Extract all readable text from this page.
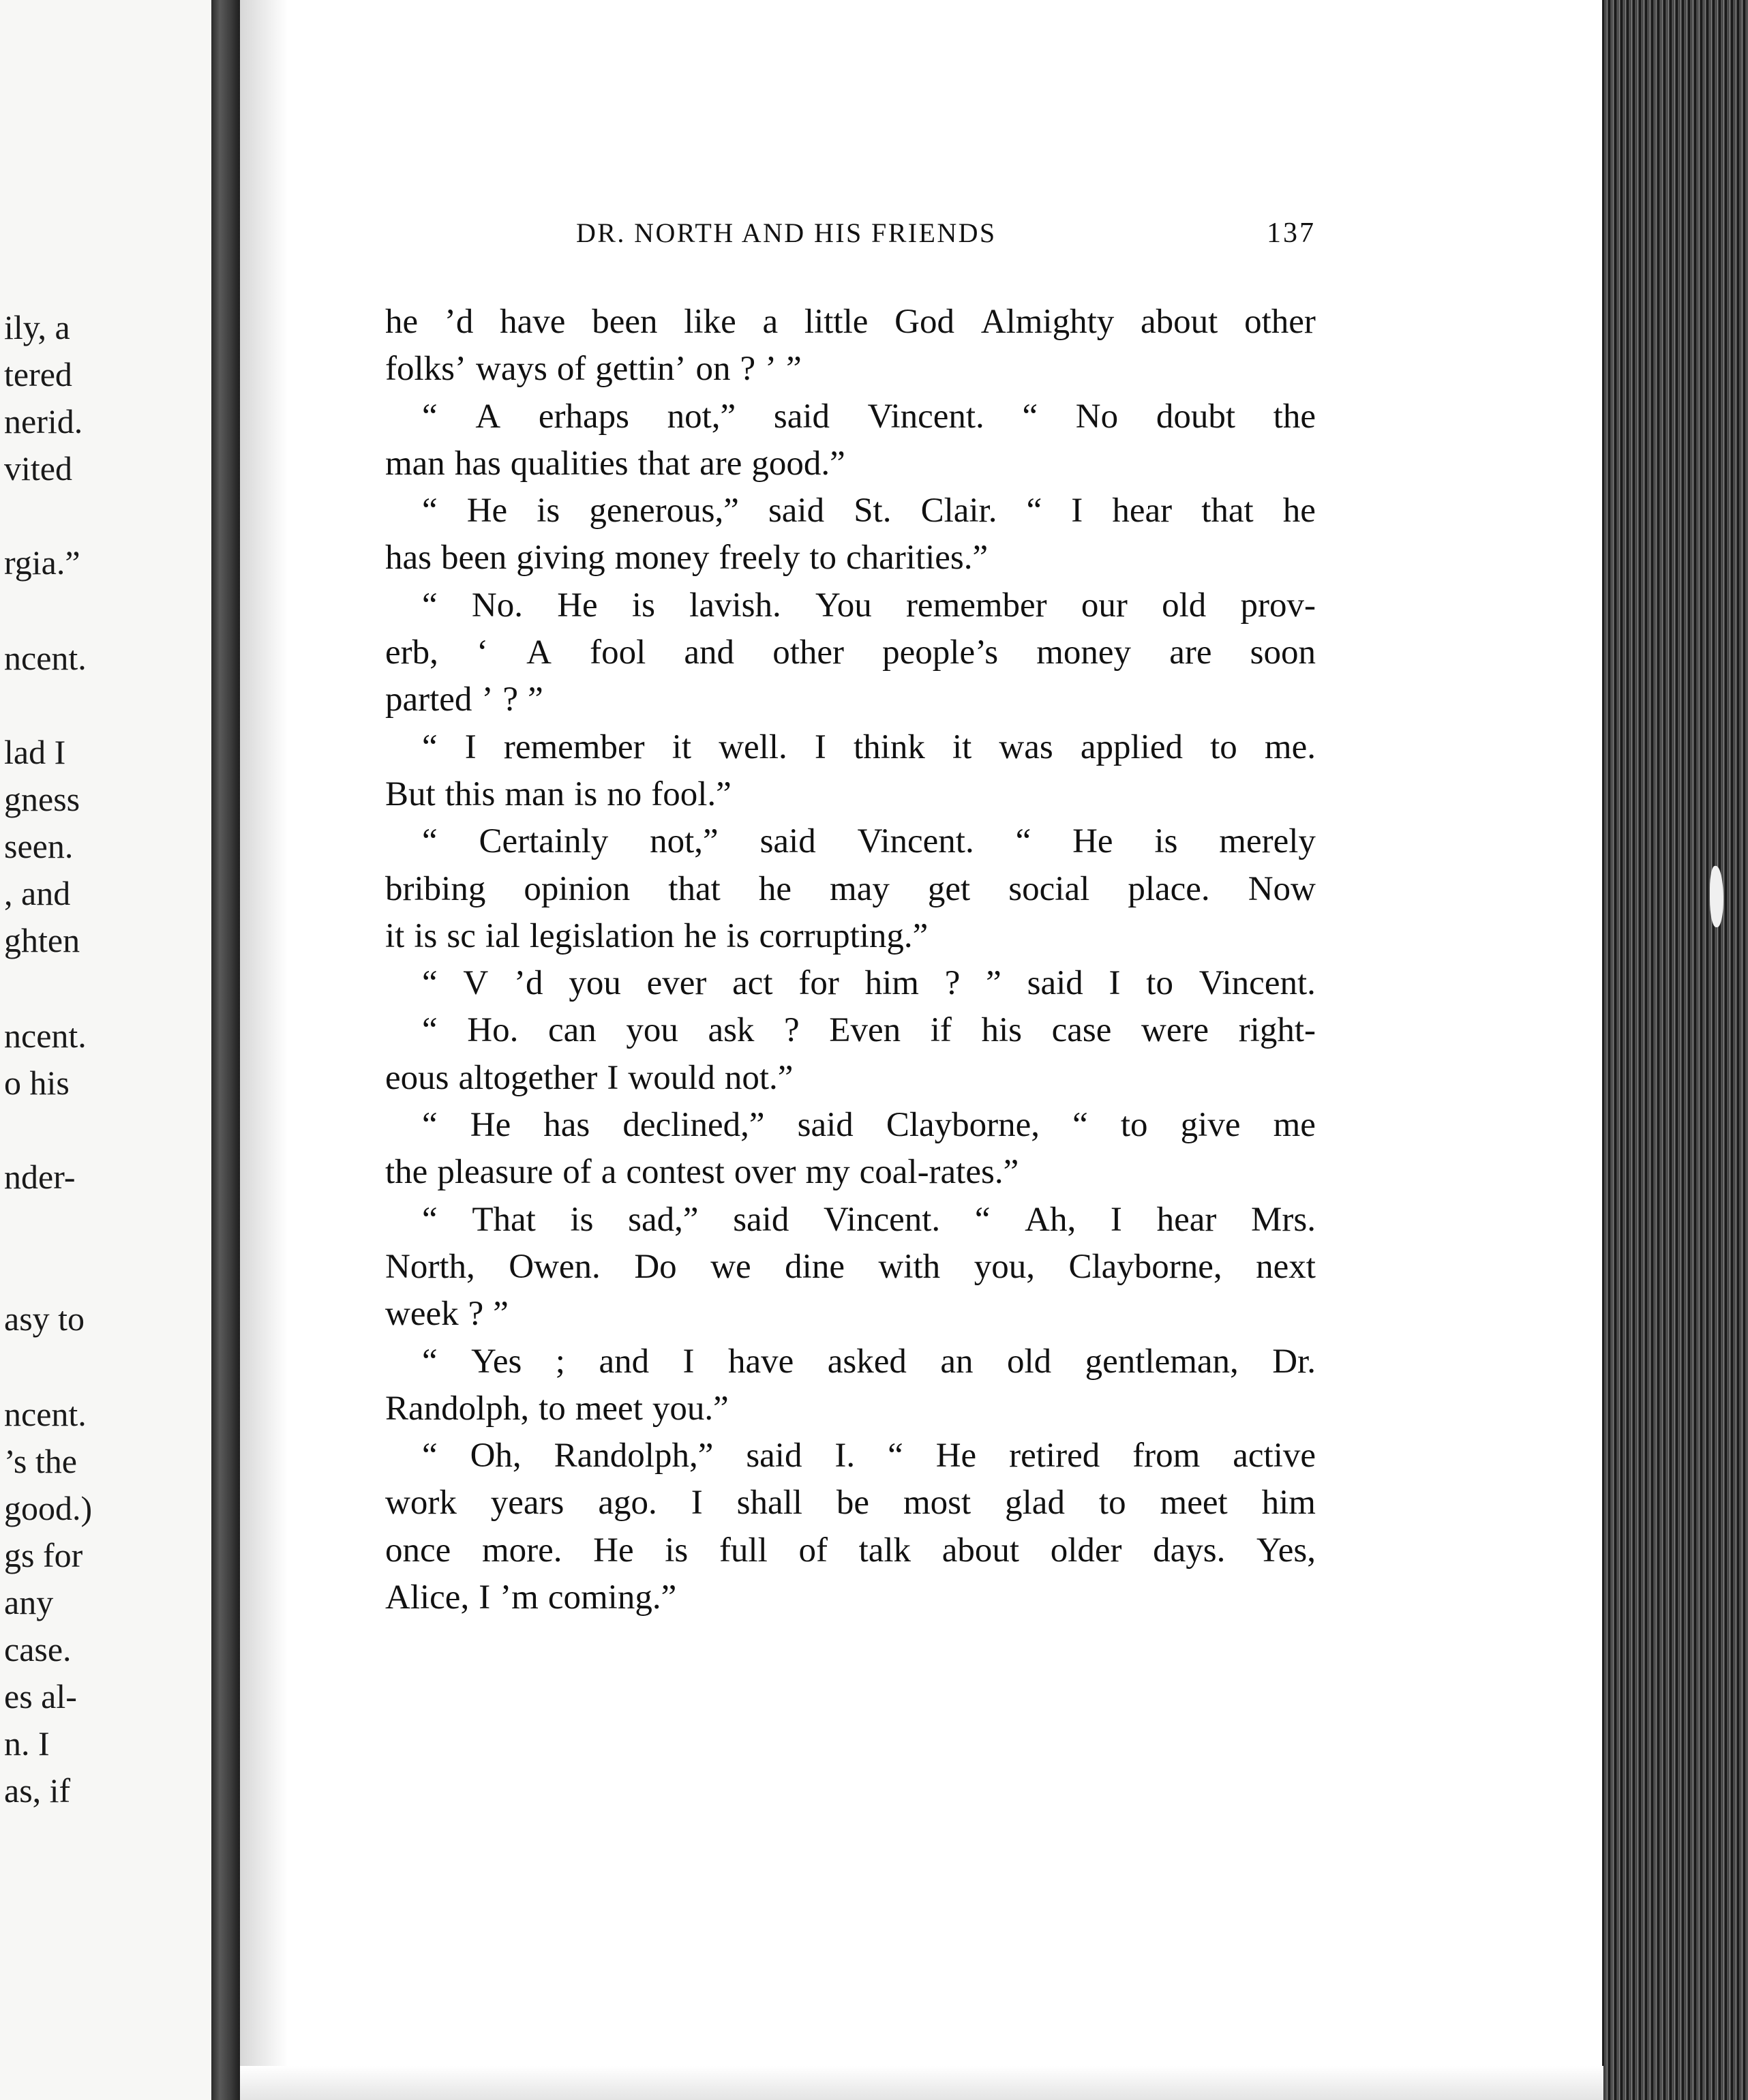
ily, a
tered
nerid.
vited
rgia.”
ncent.
lad I
gness
seen.
, and
ghten
ncent.
o his
nder-
asy to
ncent.
’s the
good.)
gs for
any
case.
es al-
n. I
as, if
DR. NORTH AND HIS FRIENDS	137
he ’d have been like a little God Almighty about other
folks’ ways of gettin’ on ? ’ ”
“ A erhaps not,” said Vincent. “ No doubt the
man has qualities that are good.”
“ He is generous,” said St. Clair. “ I hear that he
has been giving money freely to charities.”
“ No. He is lavish. You remember our old prov-
erb, ‘ A fool and other people’s money are soon
parted ’ ? ”
“ I remember it well. I think it was applied to me.
But this man is no fool.”
“ Certainly not,” said Vincent. “ He is merely
bribing opinion that he may get social place. Now
it is sc ial legislation he is corrupting.”
“ V ’d you ever act for him ? ” said I to Vincent.
“ Ho. can you ask ? Even if his case were right-
eous altogether I would not.”
“ He has declined,” said Clayborne, “ to give me
the pleasure of a contest over my coal-rates.”
“ That is sad,” said Vincent. “ Ah, I hear Mrs.
North, Owen. Do we dine with you, Clayborne, next
week ? ”
“ Yes ; and I have asked an old gentleman, Dr.
Randolph, to meet you.”
“ Oh, Randolph,” said I. “ He retired from active
work years ago. I shall be most glad to meet him
once more. He is full of talk about older days. Yes,
Alice, I ’m coming.”
